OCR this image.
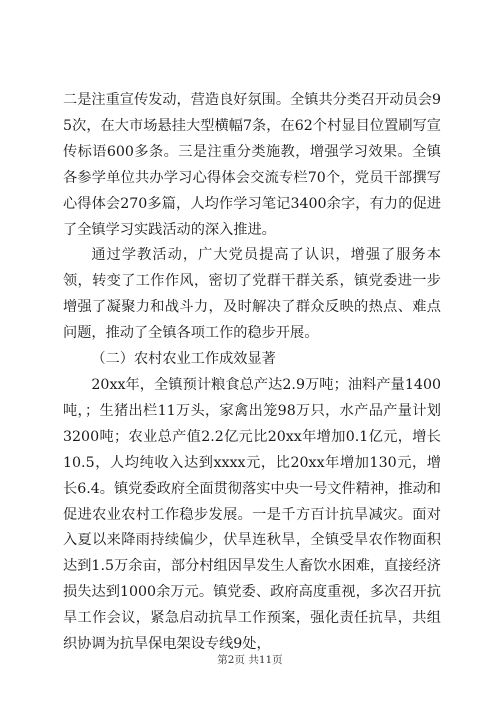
二是注重宣传发动，营造良好氛围。全镇共分类召开动员会95次，在大市场悬挂大型横幅7条，在62个村显目位置刷写宣传标语600多条。三是注重分类施教，增强学习效果。全镇各参学单位共办学习心得体会交流专栏70个，党员干部撰写心得体会270多篇，人均作学习笔记3400余字，有力的促进了全镇学习实践活动的深入推进。

通过学教活动，广大党员提高了认识，增强了服务本领，转变了工作作风，密切了党群干群关系，镇党委进一步增强了凝聚力和战斗力，及时解决了群众反映的热点、难点问题，推动了全镇各项工作的稳步开展。

（二）农村农业工作成效显著

20xx年，全镇预计粮食总产达2.9万吨；油料产量1400吨，；生猪出栏11万头，家禽出笼98万只，水产品产量计划3200吨；农业总产值2.2亿元比20xx年增加0.1亿元，增长10.5，人均纯收入达到xxxx元，比20xx年增加130元，增长6.4。镇党委政府全面贯彻落实中央一号文件精神，推动和促进农业农村工作稳步发展。一是千方百计抗旱减灾。面对入夏以来降雨持续偏少，伏旱连秋旱，全镇受旱农作物面积达到1.5万余亩，部分村组因旱发生人畜饮水困难，直接经济损失达到1000余万元。镇党委、政府高度重视，多次召开抗旱工作会议，紧急启动抗旱工作预案，强化责任抗旱，共组织协调为抗旱保电架设专线9处，

第2页 共11页
